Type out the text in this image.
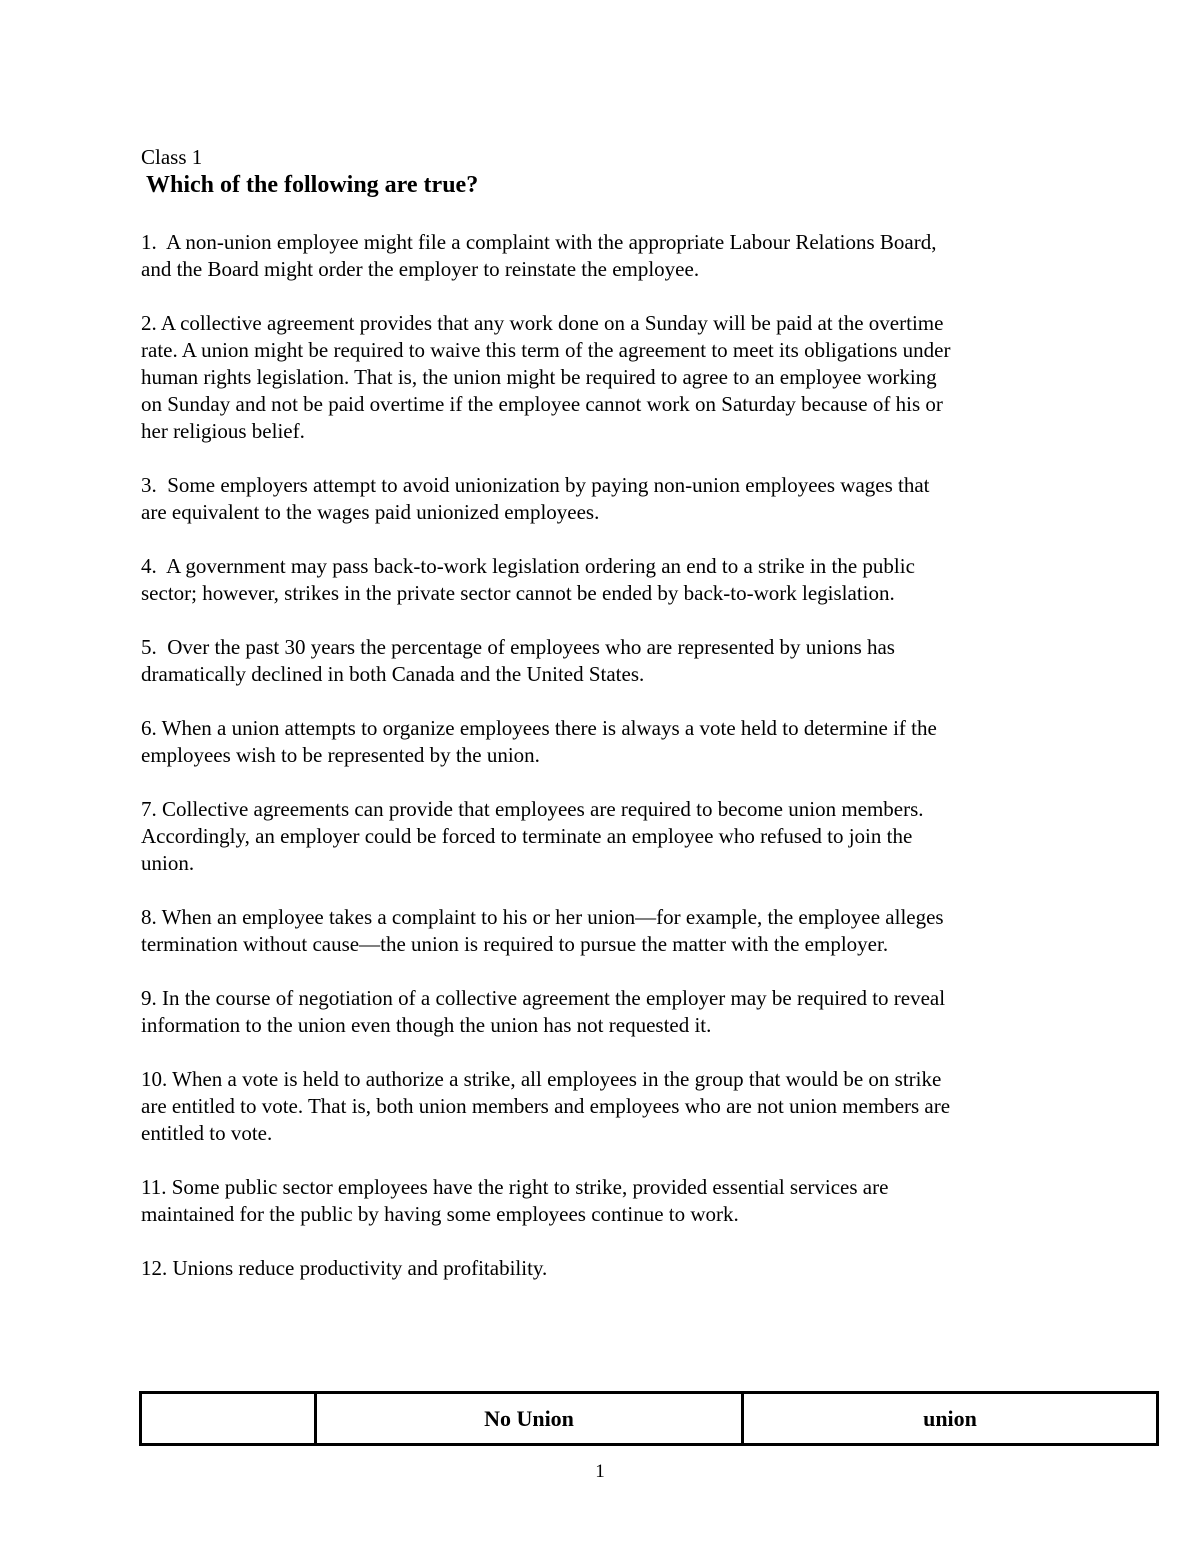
Class 1
Which of the following are true?
1.  A non-union employee might file a complaint with the appropriate Labour Relations Board,
and the Board might order the employer to reinstate the employee.
2. A collective agreement provides that any work done on a Sunday will be paid at the overtime
rate. A union might be required to waive this term of the agreement to meet its obligations under
human rights legislation. That is, the union might be required to agree to an employee working
on Sunday and not be paid overtime if the employee cannot work on Saturday because of his or
her religious belief.
3.  Some employers attempt to avoid unionization by paying non-union employees wages that
are equivalent to the wages paid unionized employees.
4.  A government may pass back-to-work legislation ordering an end to a strike in the public
sector; however, strikes in the private sector cannot be ended by back-to-work legislation.
5.  Over the past 30 years the percentage of employees who are represented by unions has
dramatically declined in both Canada and the United States.
6. When a union attempts to organize employees there is always a vote held to determine if the
employees wish to be represented by the union.
7. Collective agreements can provide that employees are required to become union members.
Accordingly, an employer could be forced to terminate an employee who refused to join the
union.
8. When an employee takes a complaint to his or her union—for example, the employee alleges
termination without cause—the union is required to pursue the matter with the employer.
9. In the course of negotiation of a collective agreement the employer may be required to reveal
information to the union even though the union has not requested it.
10. When a vote is held to authorize a strike, all employees in the group that would be on strike
are entitled to vote. That is, both union members and employees who are not union members are
entitled to vote.
11. Some public sector employees have the right to strike, provided essential services are
maintained for the public by having some employees continue to work.
12. Unions reduce productivity and profitability.
	No Union	union
1
